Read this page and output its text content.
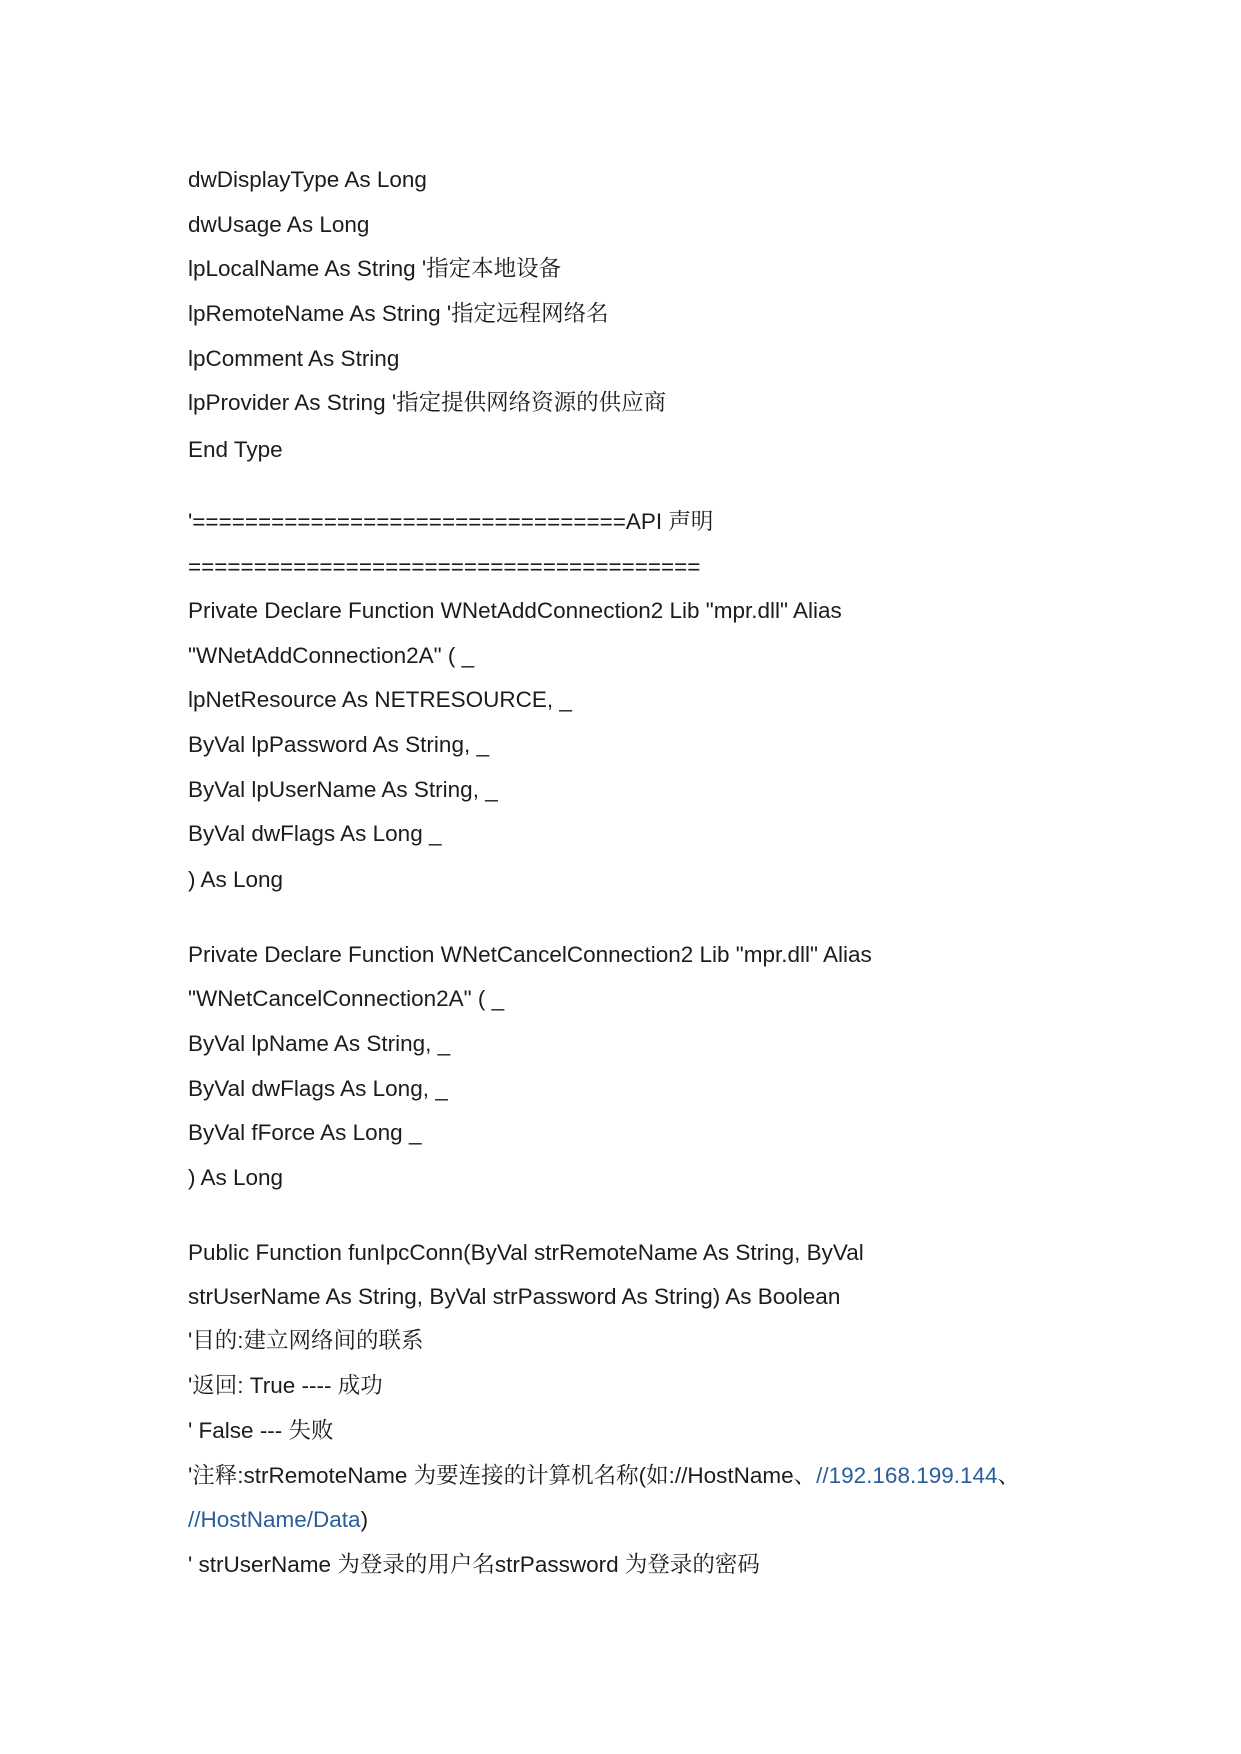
dwDisplayType As Long
dwUsage As Long
lpLocalName As String '指定本地设备
lpRemoteName As String '指定远程网络名
lpComment As String
lpProvider As String '指定提供网络资源的供应商
End Type
'=================================API 声明
=======================================
Private Declare Function WNetAddConnection2 Lib "mpr.dll" Alias
"WNetAddConnection2A" ( _
lpNetResource As NETRESOURCE, _
ByVal lpPassword As String, _
ByVal lpUserName As String, _
ByVal dwFlags As Long _
) As Long
Private Declare Function WNetCancelConnection2 Lib "mpr.dll" Alias
"WNetCancelConnection2A" ( _
ByVal lpName As String, _
ByVal dwFlags As Long, _
ByVal fForce As Long _
) As Long
Public Function funIpcConn(ByVal strRemoteName As String, ByVal
strUserName As String, ByVal strPassword As String) As Boolean
'目的:建立网络间的联系
'返回: True ---- 成功
' False --- 失败
'注释:strRemoteName 为要连接的计算机名称(如://HostName、//192.168.199.144、
//HostName/Data)
' strUserName 为登录的用户名strPassword 为登录的密码
